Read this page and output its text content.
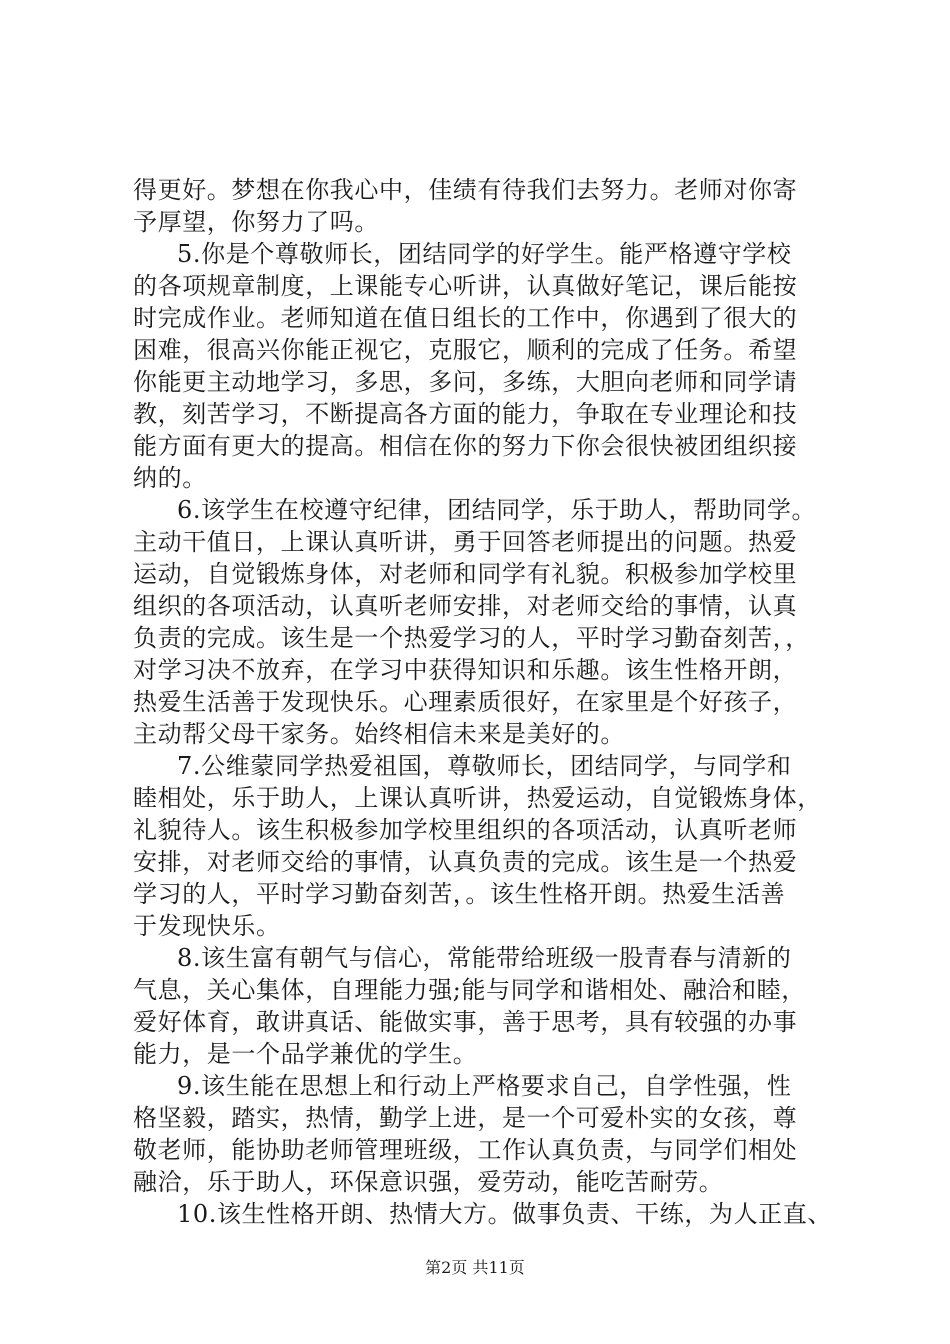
得更好。梦想在你我心中，佳绩有待我们去努力。老师对你寄
予厚望，你努力了吗。
5.你是个尊敬师长，团结同学的好学生。能严格遵守学校
的各项规章制度，上课能专心听讲，认真做好笔记，课后能按
时完成作业。老师知道在值日组长的工作中，你遇到了很大的
困难，很高兴你能正视它，克服它，顺利的完成了任务。希望
你能更主动地学习，多思，多问，多练，大胆向老师和同学请
教，刻苦学习，不断提高各方面的能力，争取在专业理论和技
能方面有更大的提高。相信在你的努力下你会很快被团组织接
纳的。
6.该学生在校遵守纪律，团结同学，乐于助人，帮助同学。
主动干值日，上课认真听讲，勇于回答老师提出的问题。热爱
运动，自觉锻炼身体，对老师和同学有礼貌。积极参加学校里
组织的各项活动，认真听老师安排，对老师交给的事情，认真
负责的完成。该生是一个热爱学习的人，平时学习勤奋刻苦，，
对学习决不放弃，在学习中获得知识和乐趣。该生性格开朗，
热爱生活善于发现快乐。心理素质很好，在家里是个好孩子，
主动帮父母干家务。始终相信未来是美好的。
7.公维蒙同学热爱祖国，尊敬师长，团结同学，与同学和
睦相处，乐于助人，上课认真听讲，热爱运动，自觉锻炼身体，
礼貌待人。该生积极参加学校里组织的各项活动，认真听老师
安排，对老师交给的事情，认真负责的完成。该生是一个热爱
学习的人，平时学习勤奋刻苦，。该生性格开朗。热爱生活善
于发现快乐。
8.该生富有朝气与信心，常能带给班级一股青春与清新的
气息，关心集体，自理能力强;能与同学和谐相处、融洽和睦，
爱好体育，敢讲真话、能做实事，善于思考，具有较强的办事
能力，是一个品学兼优的学生。
9.该生能在思想上和行动上严格要求自己，自学性强，性
格坚毅，踏实，热情，勤学上进，是一个可爱朴实的女孩，尊
敬老师，能协助老师管理班级，工作认真负责，与同学们相处
融洽，乐于助人，环保意识强，爱劳动，能吃苦耐劳。
10.该生性格开朗、热情大方。做事负责、干练，为人正直、
第2页 共11页
